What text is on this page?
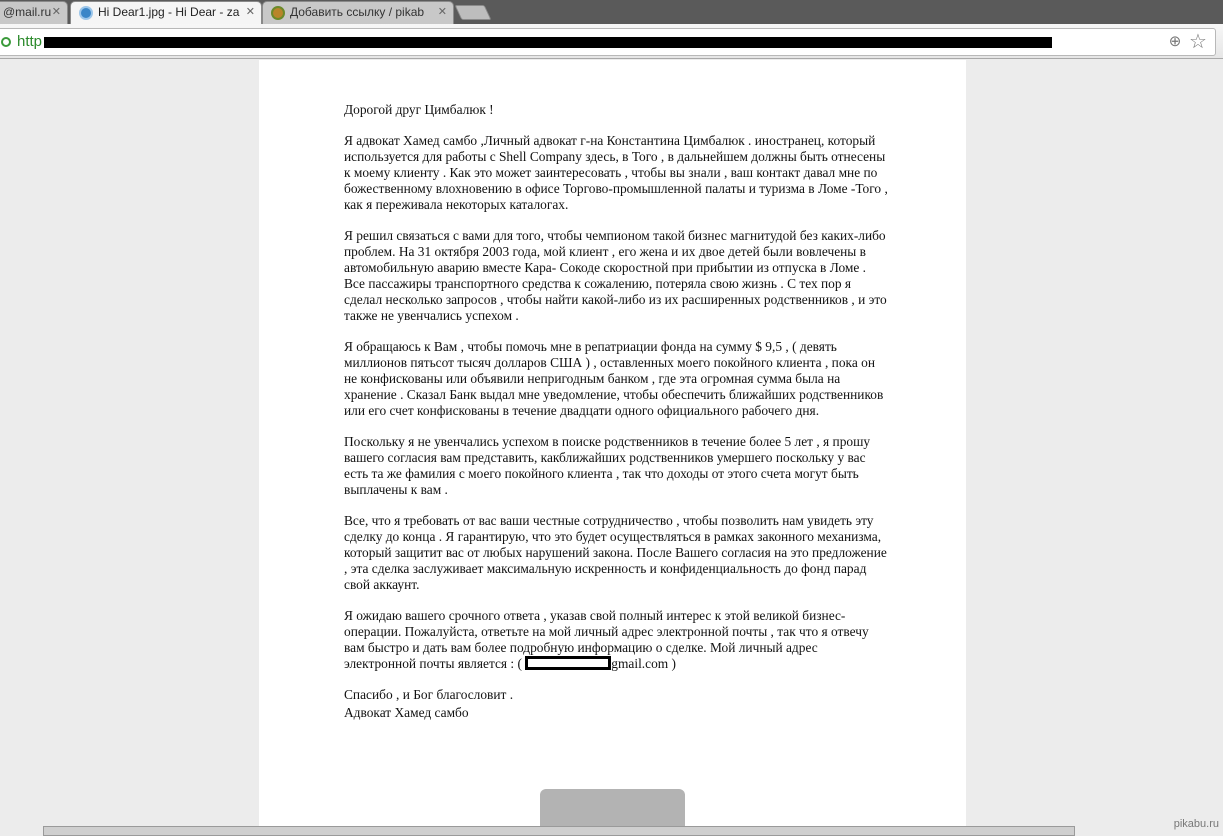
@mail.ru ✕	Hi Dear1.jpg - Hi Dear - za ✕	Добавить ссылку / pikab	✕
http	⊕ ☆

Дорогой друг Цимбалюк !

Я адвокат Хамед самбо ,Личный адвокат г-на Константина Цимбалюк . иностранец, который используется для работы с Shell Company здесь, в Того , в дальнейшем должны быть отнесены к моему клиенту . Как это может заинтересовать , чтобы вы знали , ваш контакт давал мне по божественному влохновению в офисе Торгово-промышленной палаты и туризма в Ломе -Того , как я переживала некоторых каталогах.

Я решил связаться с вами для того, чтобы чемпионом такой бизнес магнитудой без каких-либо проблем. На 31 октября 2003 года, мой клиент , его жена и их двое детей были вовлечены в автомобильную аварию вместе Кара- Сокоде скоростной при прибытии из отпуска в Ломе . Все пассажиры транспортного средства к сожалению, потеряла свою жизнь . С тех пор я сделал несколько запросов , чтобы найти какой-либо из их расширенных родственников , и это также не увенчались успехом .

Я обращаюсь к Вам , чтобы помочь мне в репатриации фонда на сумму $ 9,5 , ( девять миллионов пятьсот тысяч долларов США ) , оставленных моего покойного клиента , пока он не конфискованы или объявили непригодным банком , где эта огромная сумма была на хранение . Сказал Банк выдал мне уведомление, чтобы обеспечить ближайших родственников или его счет конфискованы в течение двадцати одного официального рабочего дня.

Поскольку я не увенчались успехом в поиске родственников в течение более 5 лет , я прошу вашего согласия вам представить, какближайших родственников умершего поскольку у вас есть та же фамилия с моего покойного клиента , так что доходы от этого счета могут быть выплачены к вам .

Все, что я требовать от вас ваши честные сотрудничество , чтобы позволить нам увидеть эту сделку до конца . Я гарантирую, что это будет осуществляться в рамках законного механизма, который защитит вас от любых нарушений закона. После Вашего согласия на это предложение , эта сделка заслуживает максимальную искренность и конфиденциальность до фонд парад свой аккаунт.

Я ожидаю вашего срочного ответа , указав свой полный интерес к этой великой бизнес-операции. Пожалуйста, ответьте на мой личный адрес электронной почты , так что я отвечу вам быстро и дать вам более подробную информацию о сделке. Мой личный адрес электронной почты является : (	gmail.com )

Спасибо , и Бог благословит .

Адвокат Хамед самбо

pikabu.ru
